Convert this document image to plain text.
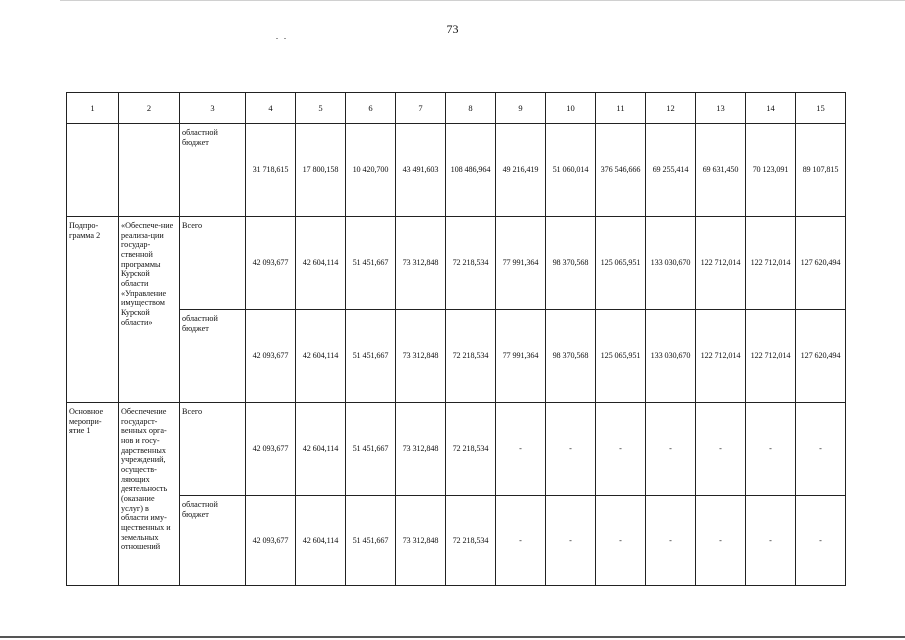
73
1	2	3	4	5	6	7	8	9	10	11	12	13	14	15
		областной бюджет	31 718,615	17 800,158	10 420,700	43 491,603	108 486,964	49 216,419	51 060,014	376 546,666	69 255,414	69 631,450	70 123,091	89 107,815
Подпро-грамма 2	«Обеспече-ние реализа-ции государ-ственной программы Курской области «Управление имуществом Курской области»	Всего	42 093,677	42 604,114	51 451,667	73 312,848	72 218,534	77 991,364	98 370,568	125 065,951	133 030,670	122 712,014	122 712,014	127 620,494
		областной бюджет	42 093,677	42 604,114	51 451,667	73 312,848	72 218,534	77 991,364	98 370,568	125 065,951	133 030,670	122 712,014	122 712,014	127 620,494
Основное меропри-ятие 1	Обеспечение государст-венных орга-нов и госу-дарственных учреждений, осуществ-ляющих деятельность (оказание услуг) в области иму-щественных и земельных отношений	Всего	42 093,677	42 604,114	51 451,667	73 312,848	72 218,534	-	-	-	-	-	-	-
		областной бюджет	42 093,677	42 604,114	51 451,667	73 312,848	72 218,534	-	-	-	-	-	-	-
